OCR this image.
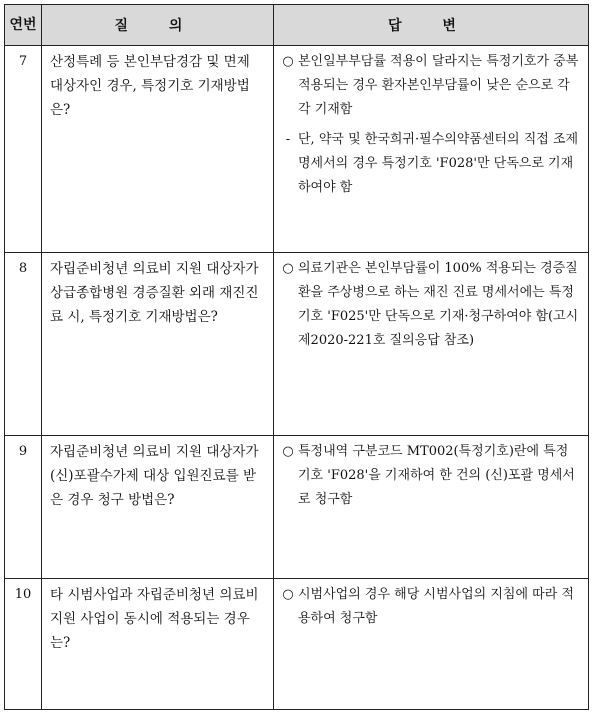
연번	질 의	답 변
7	산정특례 등 본인부담경감 및 면제 대상자인 경우, 특정기호 기재방법은?	○ 본인일부부담률 적용이 달라지는 특정기호가 중복 적용되는 경우 환자본인부담률이 낮은 순으로 각각 기재함
- 단, 약국 및 한국희귀·필수의약품센터의 직접 조제 명세서의 경우 특정기호 'F028'만 단독으로 기재하여야 함

8	자립준비청년 의료비 지원 대상자가 상급종합병원 경증질환 외래 재진진료 시, 특정기호 기재방법은?	○ 의료기관은 본인부담률이 100% 적용되는 경증질환을 주상병으로 하는 재진 진료 명세서에는 특정기호 'F025'만 단독으로 기재·청구하여야 함(고시 제2020-221호 질의응답 참조)

9	자립준비청년 의료비 지원 대상자가 (신)포괄수가제 대상 입원진료를 받은 경우 청구 방법은?	○ 특정내역 구분코드 MT002(특정기호)란에 특정기호 'F028'을 기재하여 한 건의 (신)포괄 명세서로 청구함

10	타 시범사업과 자립준비청년 의료비 지원 사업이 동시에 적용되는 경우는?	○ 시범사업의 경우 해당 시범사업의 지침에 따라 적용하여 청구함
